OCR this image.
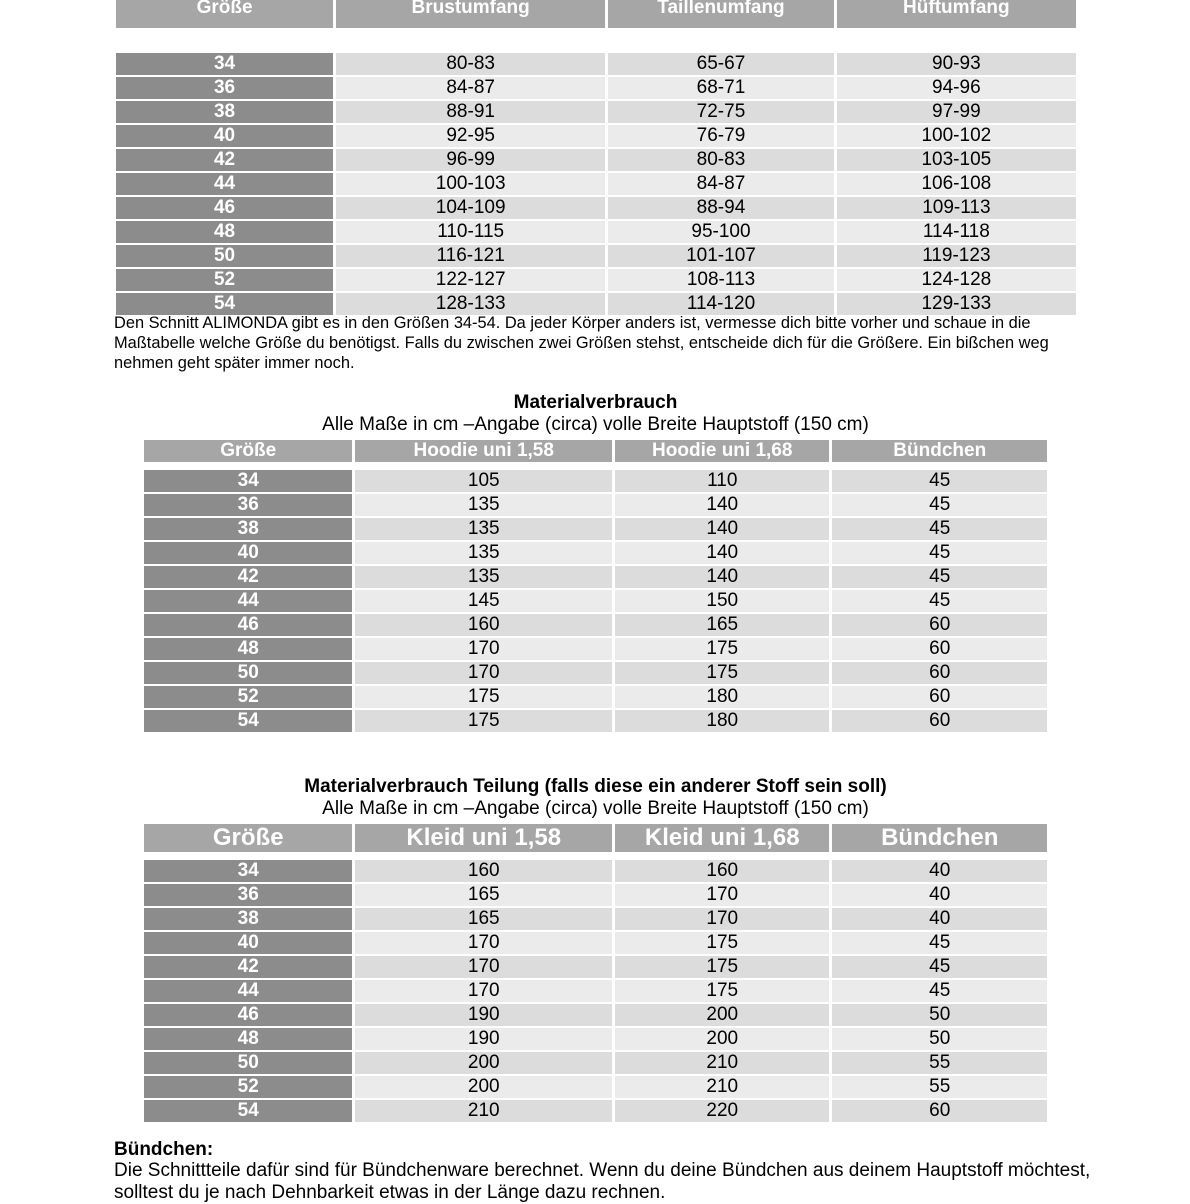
Größe	Brustumfang	Taillenumfang	Hüftumfang

34	80-83	65-67	90-93
36	84-87	68-71	94-96
38	88-91	72-75	97-99
40	92-95	76-79	100-102
42	96-99	80-83	103-105
44	100-103	84-87	106-108
46	104-109	88-94	109-113
48	110-115	95-100	114-118
50	116-121	101-107	119-123
52	122-127	108-113	124-128
54	128-133	114-120	129-133
Den Schnitt ALIMONDA gibt es in den Größen 34-54. Da jeder Körper anders ist, vermesse dich bitte vorher und schaue in die Maßtabelle welche Größe du benötigst. Falls du zwischen zwei Größen stehst, entscheide dich für die Größere. Ein bißchen weg nehmen geht später immer noch.
Materialverbrauch
Alle Maße in cm –Angabe (circa) volle Breite Hauptstoff (150 cm)
Größe	Hoodie uni 1,58	Hoodie uni 1,68	Bündchen

34	105	110	45
36	135	140	45
38	135	140	45
40	135	140	45
42	135	140	45
44	145	150	45
46	160	165	60
48	170	175	60
50	170	175	60
52	175	180	60
54	175	180	60
Materialverbrauch Teilung (falls diese ein anderer Stoff sein soll)
Alle Maße in cm –Angabe (circa) volle Breite Hauptstoff (150 cm)
Größe	Kleid uni 1,58	Kleid uni 1,68	Bündchen

34	160	160	40
36	165	170	40
38	165	170	40
40	170	175	45
42	170	175	45
44	170	175	45
46	190	200	50
48	190	200	50
50	200	210	55
52	200	210	55
54	210	220	60
Bündchen:
Die Schnittteile dafür sind für Bündchenware berechnet. Wenn du deine Bündchen aus deinem Hauptstoff möchtest, solltest du je nach Dehnbarkeit etwas in der Länge dazu rechnen.
